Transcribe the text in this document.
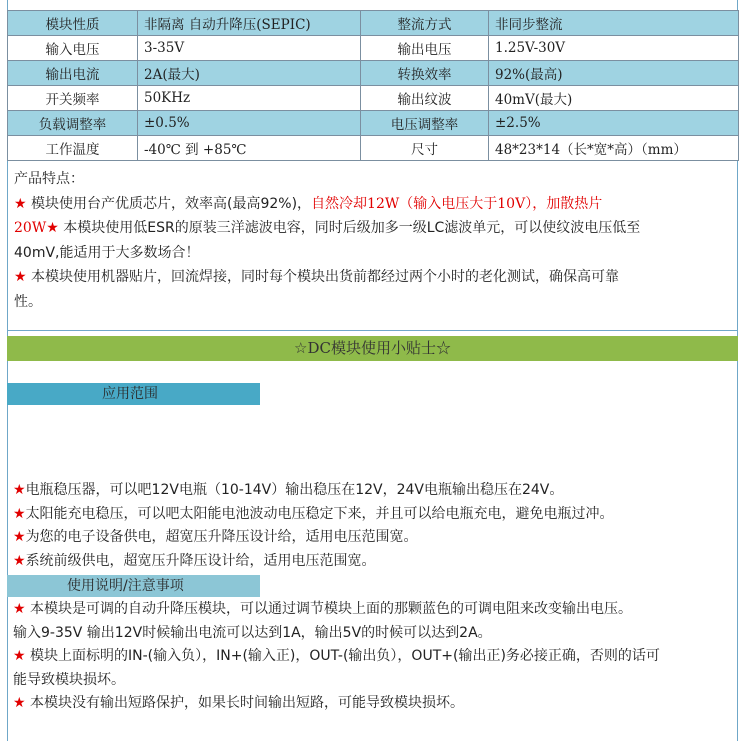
模块性质	非隔离 自动升降压(SEPIC)	整流方式	非同步整流
输入电压	3-35V	输出电压	1.25V-30V
输出电流	2A(最大)	转换效率	92%(最高)
开关频率	50KHz	输出纹波	40mV(最大)
负载调整率	±0.5%	电压调整率	±2.5%
工作温度	-40℃ 到 +85℃	尺寸	48*23*14（长*宽*高）（mm）
产品特点：
★ 模块使用台产优质芯片，效率高(最高92%)，自然冷却12W（输入电压大于10V），加散热片
20W★ 本模块使用低ESR的原装三洋滤波电容，同时后级加多一级LC滤波单元，可以使纹波电压低至
40mV,能适用于大多数场合！
★ 本模块使用机器贴片，回流焊接，同时每个模块出货前都经过两个小时的老化测试，确保高可靠
性。
☆DC模块使用小贴士☆
应用范围

★电瓶稳压器，可以吧12V电瓶（10-14V）输出稳压在12V，24V电瓶输出稳压在24V。

★太阳能充电稳压，可以吧太阳能电池波动电压稳定下来，并且可以给电瓶充电，避免电瓶过冲。

★为您的电子设备供电，超宽压升降压设计给，适用电压范围宽。

★系统前级供电，超宽压升降压设计给，适用电压范围宽。

使用说明/注意事项

★ 本模块是可调的自动升降压模块，可以通过调节模块上面的那颗蓝色的可调电阻来改变输出电压。

输入9-35V 输出12V时候输出电流可以达到1A，输出5V的时候可以达到2A。

★ 模块上面标明的IN-(输入负），IN+(输入正)，OUT-(输出负），OUT+(输出正)务必接正确，否则的话可

能导致模块损坏。

★ 本模块没有输出短路保护，如果长时间输出短路，可能导致模块损坏。
